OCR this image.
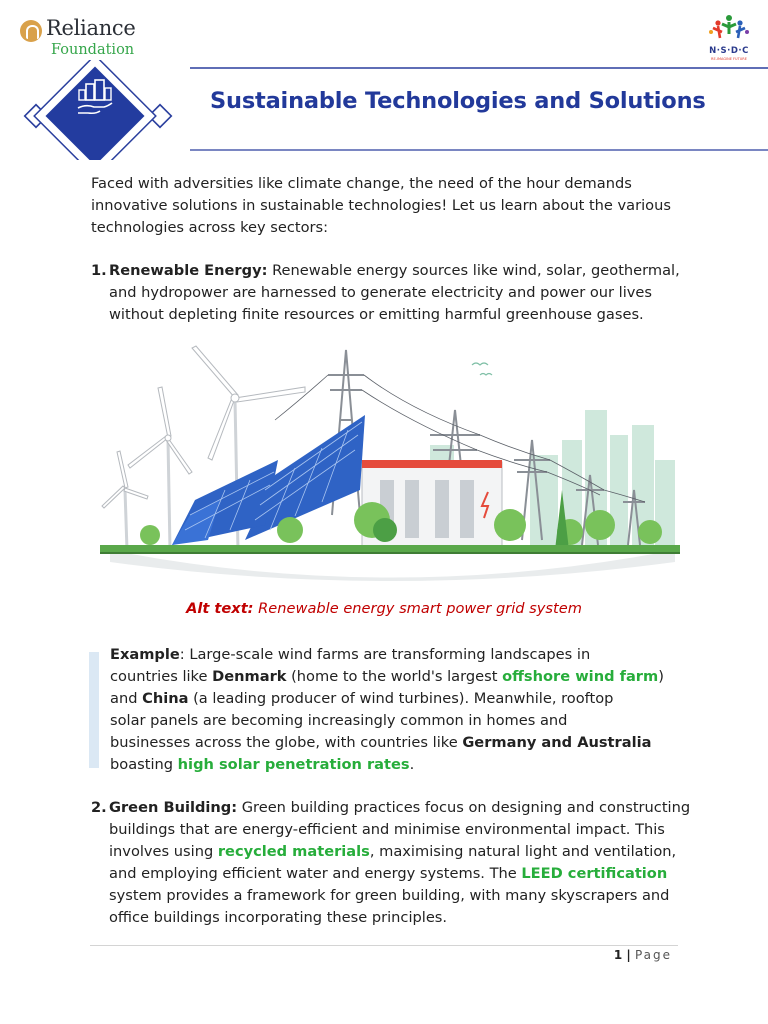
Reliance
Foundation	N·S·D·C
RE-IMAGINE FUTURE
Sustainable Technologies and Solutions
Faced with adversities like climate change, the need of the hour demands
innovative solutions in sustainable technologies! Let us learn about the various
technologies across key sectors:
1. Renewable Energy: Renewable energy sources like wind, solar, geothermal,
and hydropower are harnessed to generate electricity and power our lives
without depleting finite resources or emitting harmful greenhouse gases.
Alt text: Renewable energy smart power grid system
Example: Large-scale wind farms are transforming landscapes in
countries like Denmark (home to the world's largest offshore wind farm)
and China (a leading producer of wind turbines). Meanwhile, rooftop
solar panels are becoming increasingly common in homes and
businesses across the globe, with countries like Germany and Australia
boasting high solar penetration rates.
2. Green Building: Green building practices focus on designing and constructing
buildings that are energy-efficient and minimise environmental impact. This
involves using recycled materials, maximising natural light and ventilation,
and employing efficient water and energy systems. The LEED certification
system provides a framework for green building, with many skyscrapers and
office buildings incorporating these principles.
1 | Page
